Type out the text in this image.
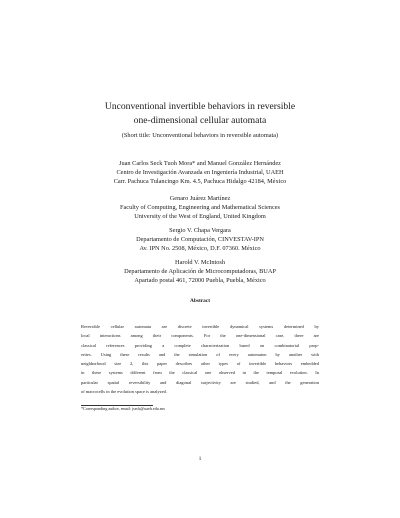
Unconventional invertible behaviors in reversible
one-dimensional cellular automata
(Short title: Unconventional behaviors in reversible automata)
Juan Carlos Seck Tuoh Mora* and Manuel González Hernández
Centro de Investigación Avanzada en Ingeniería Industrial, UAEH
Carr. Pachuca Tulancingo Km. 4.5, Pachuca Hidalgo 42184, México
Genaro Juárez Martínez
Faculty of Computing, Engineering and Mathematical Sciences
University of the West of England, United Kingdom
Sergio V. Chapa Vergara
Departamento de Computación, CINVESTAV-IPN
Av. IPN No. 2508, México, D.F. 07360. México
Harold V. McIntosh
Departamento de Aplicación de Microcomputadoras, BUAP
Apartado postal 461, 72000 Puebla, Puebla, México
Abstract
Reversible cellular automata are discrete invertible dynamical systems determined by
local interactions among their components. For the one-dimensional case, there are
classical references providing a complete characterization based on combinatorial prop-
erties. Using these results and the simulation of every automaton by another with
neighborhood size 2, this paper describes other types of invertible behaviors embedded
in these systems different from the classical one observed in the temporal evolution. In
particular spatial reversibility and diagonal surjectivity are studied, and the generation
of macrocells in the evolution space is analyzed.
*Corresponding author, email: jseck@uaeh.edu.mx
1
